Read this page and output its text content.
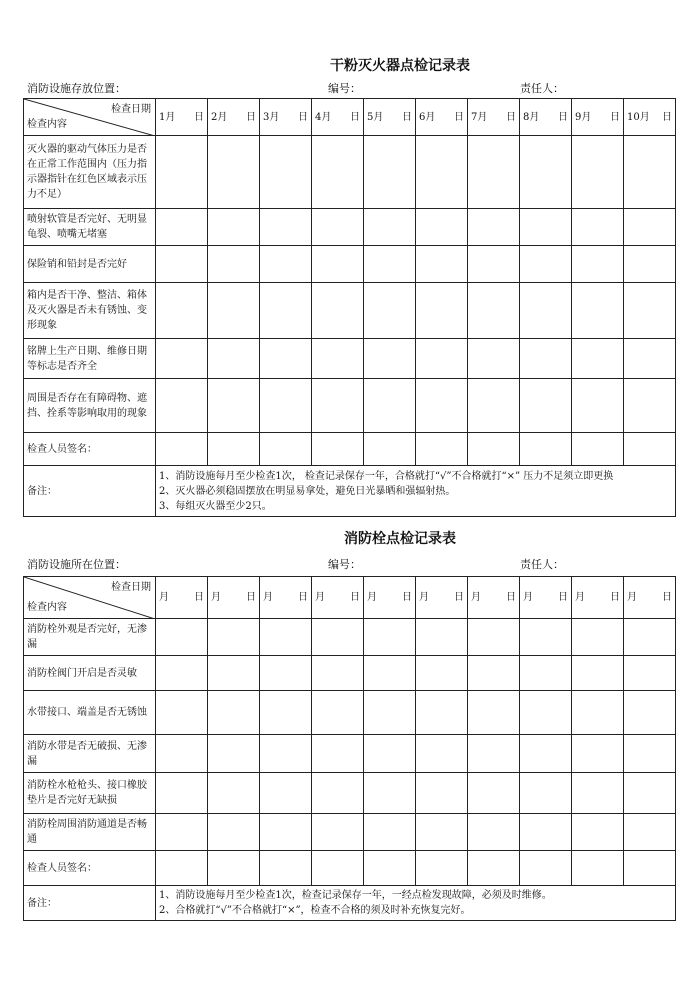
干粉灭火器点检记录表
消防设施存放位置：	编号：	责任人：
检查日期
检查内容	1月 日	2月 日	3月 日	4月 日	5月 日	6月 日	7月 日	8月 日	9月 日	10月 日

灭火器的驱动气体压力是否在正常工作范围内（压力指示器指针在红色区域表示压力不足）										
喷射软管是否完好、无明显龟裂、喷嘴无堵塞										
保险销和铅封是否完好										
箱内是否干净、整洁、箱体及灭火器是否未有锈蚀、变形现象										
铭牌上生产日期、维修日期等标志是否齐全										
周围是否存在有障碍物、遮挡、拴系等影响取用的现象										
检查人员签名：										
备注：	1、消防设施每月至少检查1次， 检查记录保存一年，合格就打“√”不合格就打“×” 压力不足须立即更换
2、灭火器必须稳固摆放在明显易拿处，避免日光暴晒和强辐射热。
3、每组灭火器至少2只。									
消防栓点检记录表
消防设施所在位置：	编号：	责任人：
检查日期
检查内容	月 日	月 日	月 日	月 日	月 日	月 日	月 日	月 日	月 日	月 日

消防栓外观是否完好，无渗漏										
消防栓阀门开启是否灵敏										
水带接口、端盖是否无锈蚀										
消防水带是否无破损、无渗漏										
消防栓水枪枪头、接口橡胶垫片是否完好无缺损										
消防栓周围消防通道是否畅通										
检查人员签名：										
备注：	1、消防设施每月至少检查1次，检查记录保存一年，一经点检发现故障，必须及时维修。
2、合格就打“√”不合格就打“×”，检查不合格的须及时补充恢复完好。									
